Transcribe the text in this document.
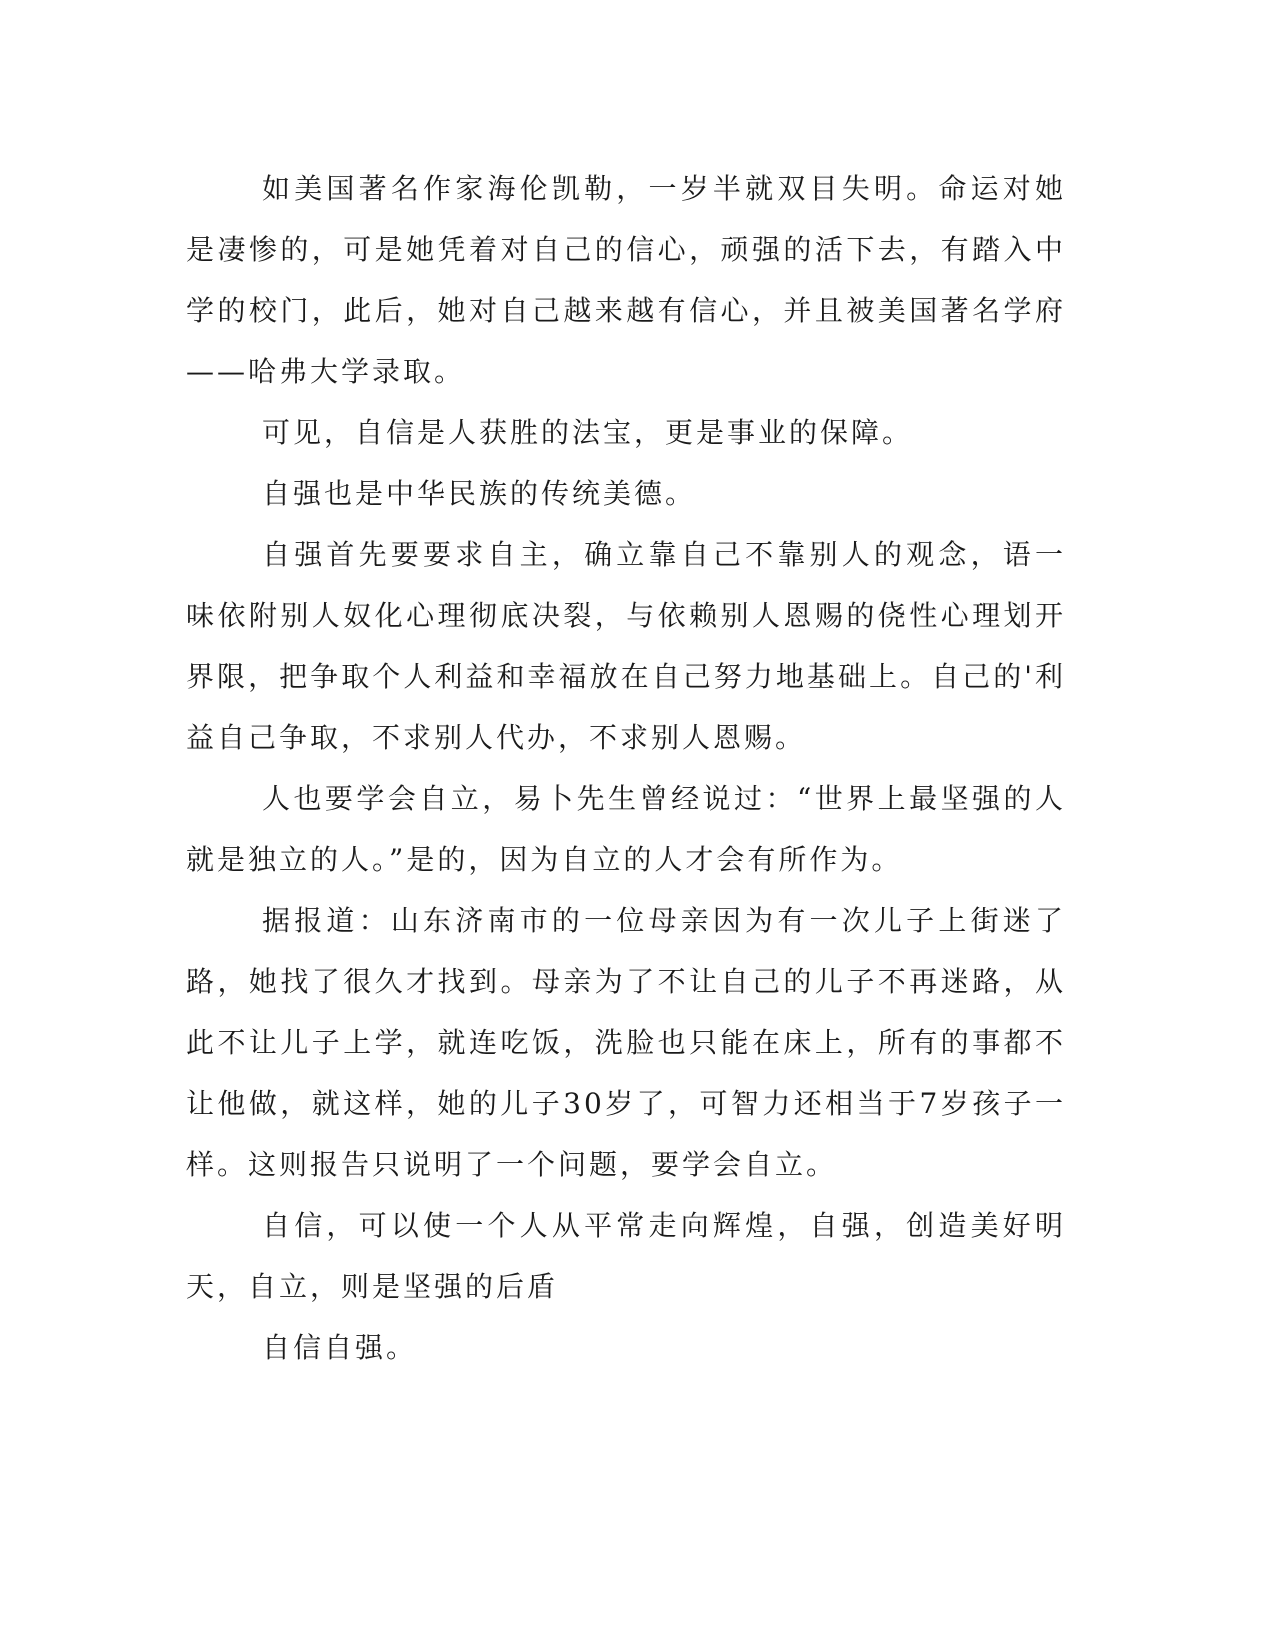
如美国著名作家海伦凯勒，一岁半就双目失明。命运对她是凄惨的，可是她凭着对自己的信心，顽强的活下去，有踏入中学的校门，此后，她对自己越来越有信心，并且被美国著名学府——哈弗大学录取。

可见，自信是人获胜的法宝，更是事业的保障。

自强也是中华民族的传统美德。

自强首先要要求自主，确立靠自己不靠别人的观念，语一味依附别人奴化心理彻底决裂，与依赖别人恩赐的侥性心理划开界限，把争取个人利益和幸福放在自己努力地基础上。自己的'利益自己争取，不求别人代办，不求别人恩赐。

人也要学会自立，易卜先生曾经说过：“世界上最坚强的人就是独立的人。”是的，因为自立的人才会有所作为。

据报道：山东济南市的一位母亲因为有一次儿子上街迷了路，她找了很久才找到。母亲为了不让自己的儿子不再迷路，从此不让儿子上学，就连吃饭，洗脸也只能在床上，所有的事都不让他做，就这样，她的儿子30岁了，可智力还相当于7岁孩子一样。这则报告只说明了一个问题，要学会自立。

自信，可以使一个人从平常走向辉煌，自强，创造美好明天，自立，则是坚强的后盾

自信自强。
